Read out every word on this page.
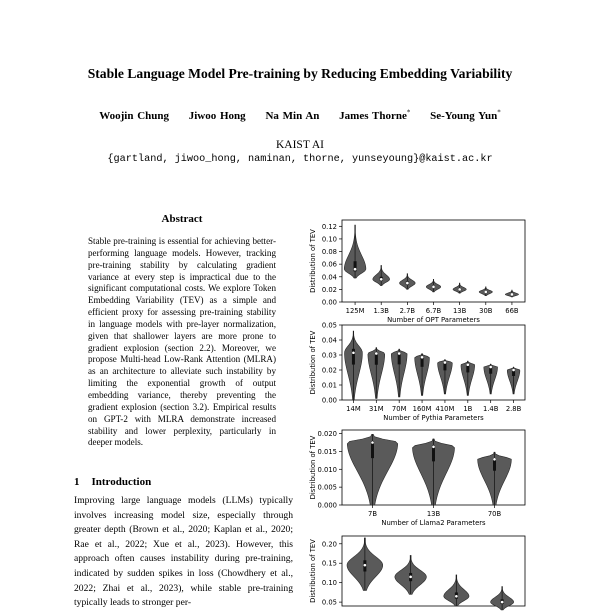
Stable Language Model Pre-training by Reducing Embedding Variability
Woojin Chung Jiwoo Hong Na Min An James Thorne* Se-Young Yun*
KAIST AI
{gartland, jiwoo_hong, naminan, thorne, yunseyoung}@kaist.ac.kr
Abstract
Stable pre-training is essential for achieving better-performing language models. However, tracking pre-training stability by calculating gradient variance at every step is impractical due to the significant computational costs. We explore Token Embedding Variability (TEV) as a simple and efficient proxy for assessing pre-training stability in language models with pre-layer normalization, given that shallower layers are more prone to gradient explosion (section 2.2). Moreover, we propose Multi-head Low-Rank Attention (MLRA) as an architecture to alleviate such instability by limiting the exponential growth of output embedding variance, thereby preventing the gradient explosion (section 3.2). Empirical results on GPT-2 with MLRA demonstrate increased stability and lower perplexity, particularly in deeper models.
1 Introduction
Improving large language models (LLMs) typically involves increasing model size, especially through greater depth (Brown et al., 2020; Kaplan et al., 2020; Rae et al., 2022; Xue et al., 2023). However, this approach often causes instability during pre-training, indicated by sudden spikes in loss (Chowdhery et al., 2022; Zhai et al., 2023), while stable pre-training typically leads to stronger per-
0.00
0.02
0.04
0.06
0.08
0.10
0.12
Distribution of TEV
125M 1.3B 2.7B 6.7B 13B 30B 66B
Number of OPT Parameters
0.00
0.01
0.02
0.03
0.04
0.05
Distribution of TEV
14M 31M 70M 160M 410M 1B 1.4B 2.8B
Number of Pythia Parameters
0.000
0.005
0.010
0.015
0.020
Distribution of TEV
7B	13B	70B
Number of Llama2 Parameters
0.20
0.15
0.10
0.05
Distribution of TEV
